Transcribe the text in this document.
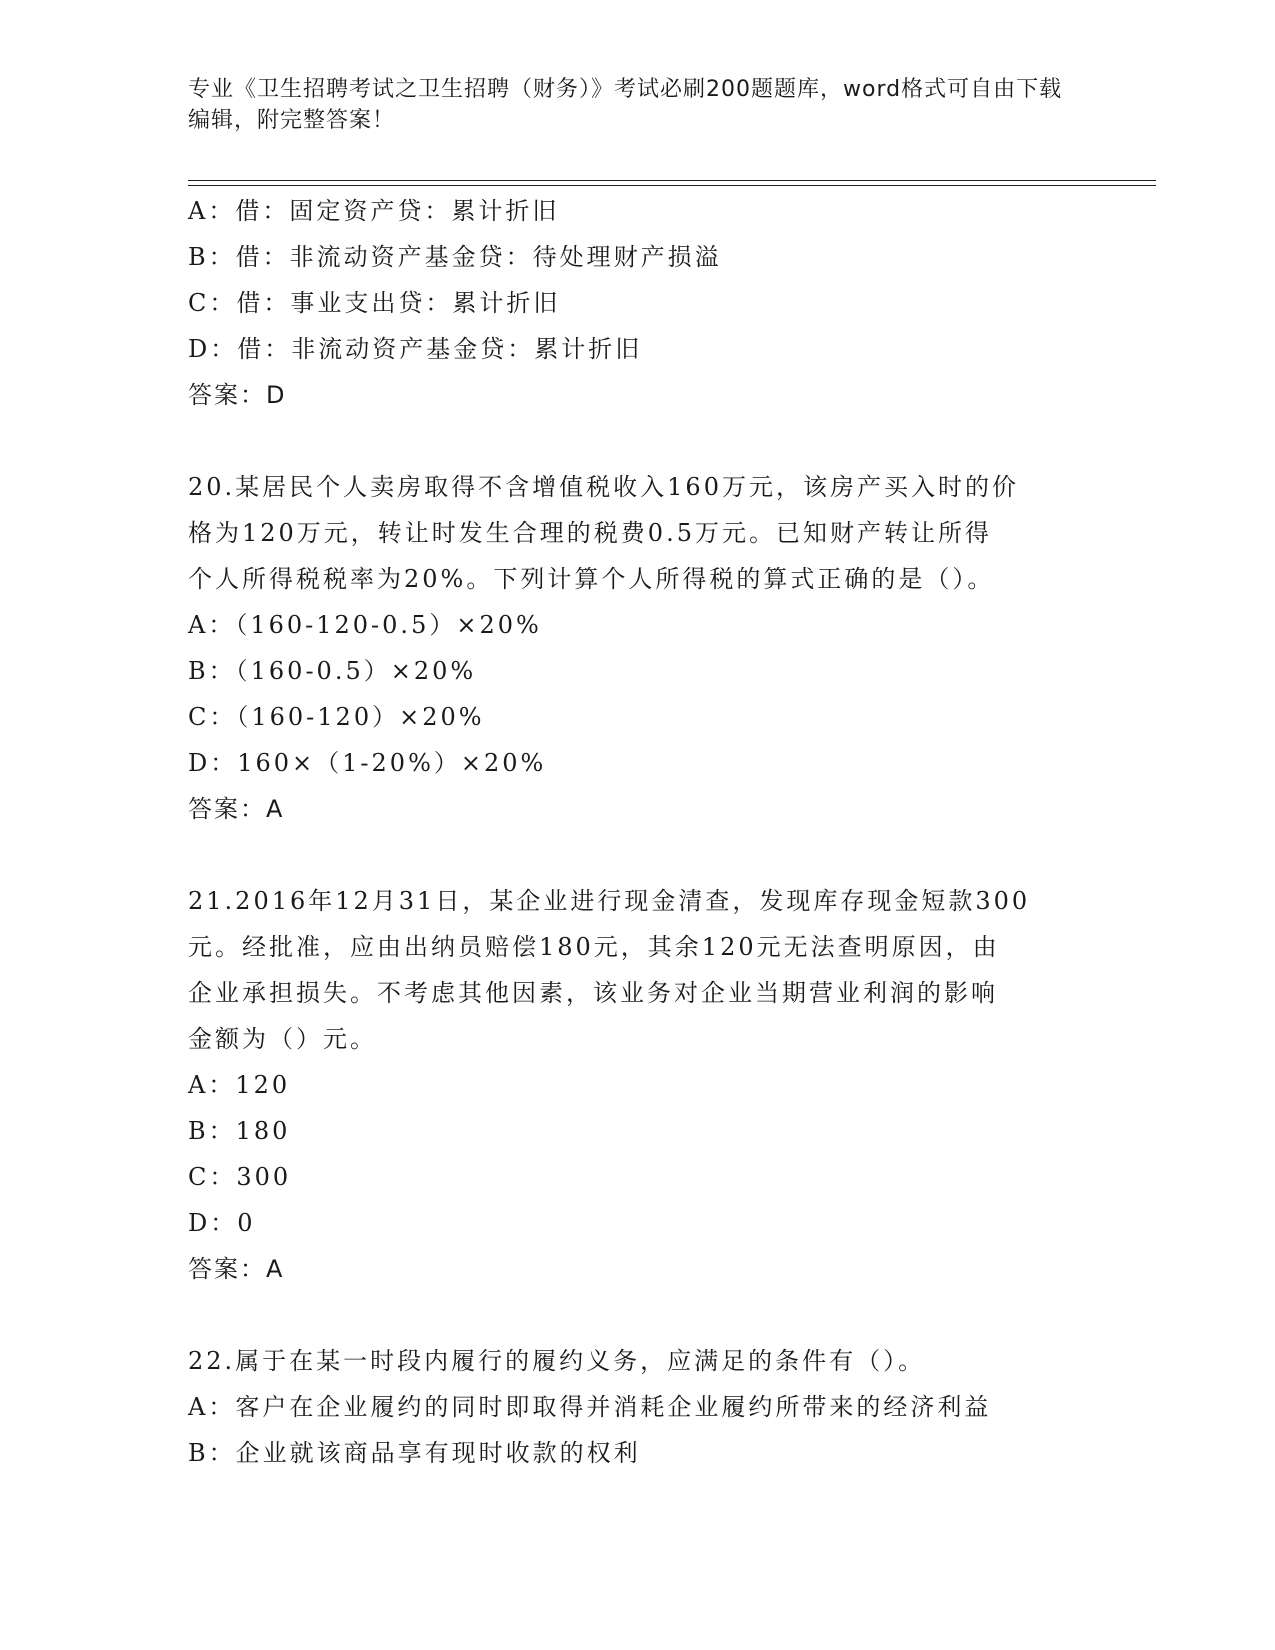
专业《卫生招聘考试之卫生招聘（财务）》考试必刷200题题库，word格式可自由下载编辑，附完整答案！
A：借：固定资产贷：累计折旧
B：借：非流动资产基金贷：待处理财产损溢
C：借：事业支出贷：累计折旧
D：借：非流动资产基金贷：累计折旧
答案：D
20.某居民个人卖房取得不含增值税收入160万元，该房产买入时的价
格为120万元，转让时发生合理的税费0.5万元。已知财产转让所得
个人所得税税率为20%。下列计算个人所得税的算式正确的是（）。
A：（160-120-0.5）×20%
B：（160-0.5）×20%
C：（160-120）×20%
D：160×（1-20%）×20%
答案：A
21.2016年12月31日，某企业进行现金清查，发现库存现金短款300
元。经批准，应由出纳员赔偿180元，其余120元无法查明原因，由
企业承担损失。不考虑其他因素，该业务对企业当期营业利润的影响
金额为（）元。
A：120
B：180
C：300
D：0
答案：A
22.属于在某一时段内履行的履约义务，应满足的条件有（）。
A：客户在企业履约的同时即取得并消耗企业履约所带来的经济利益
B：企业就该商品享有现时收款的权利
